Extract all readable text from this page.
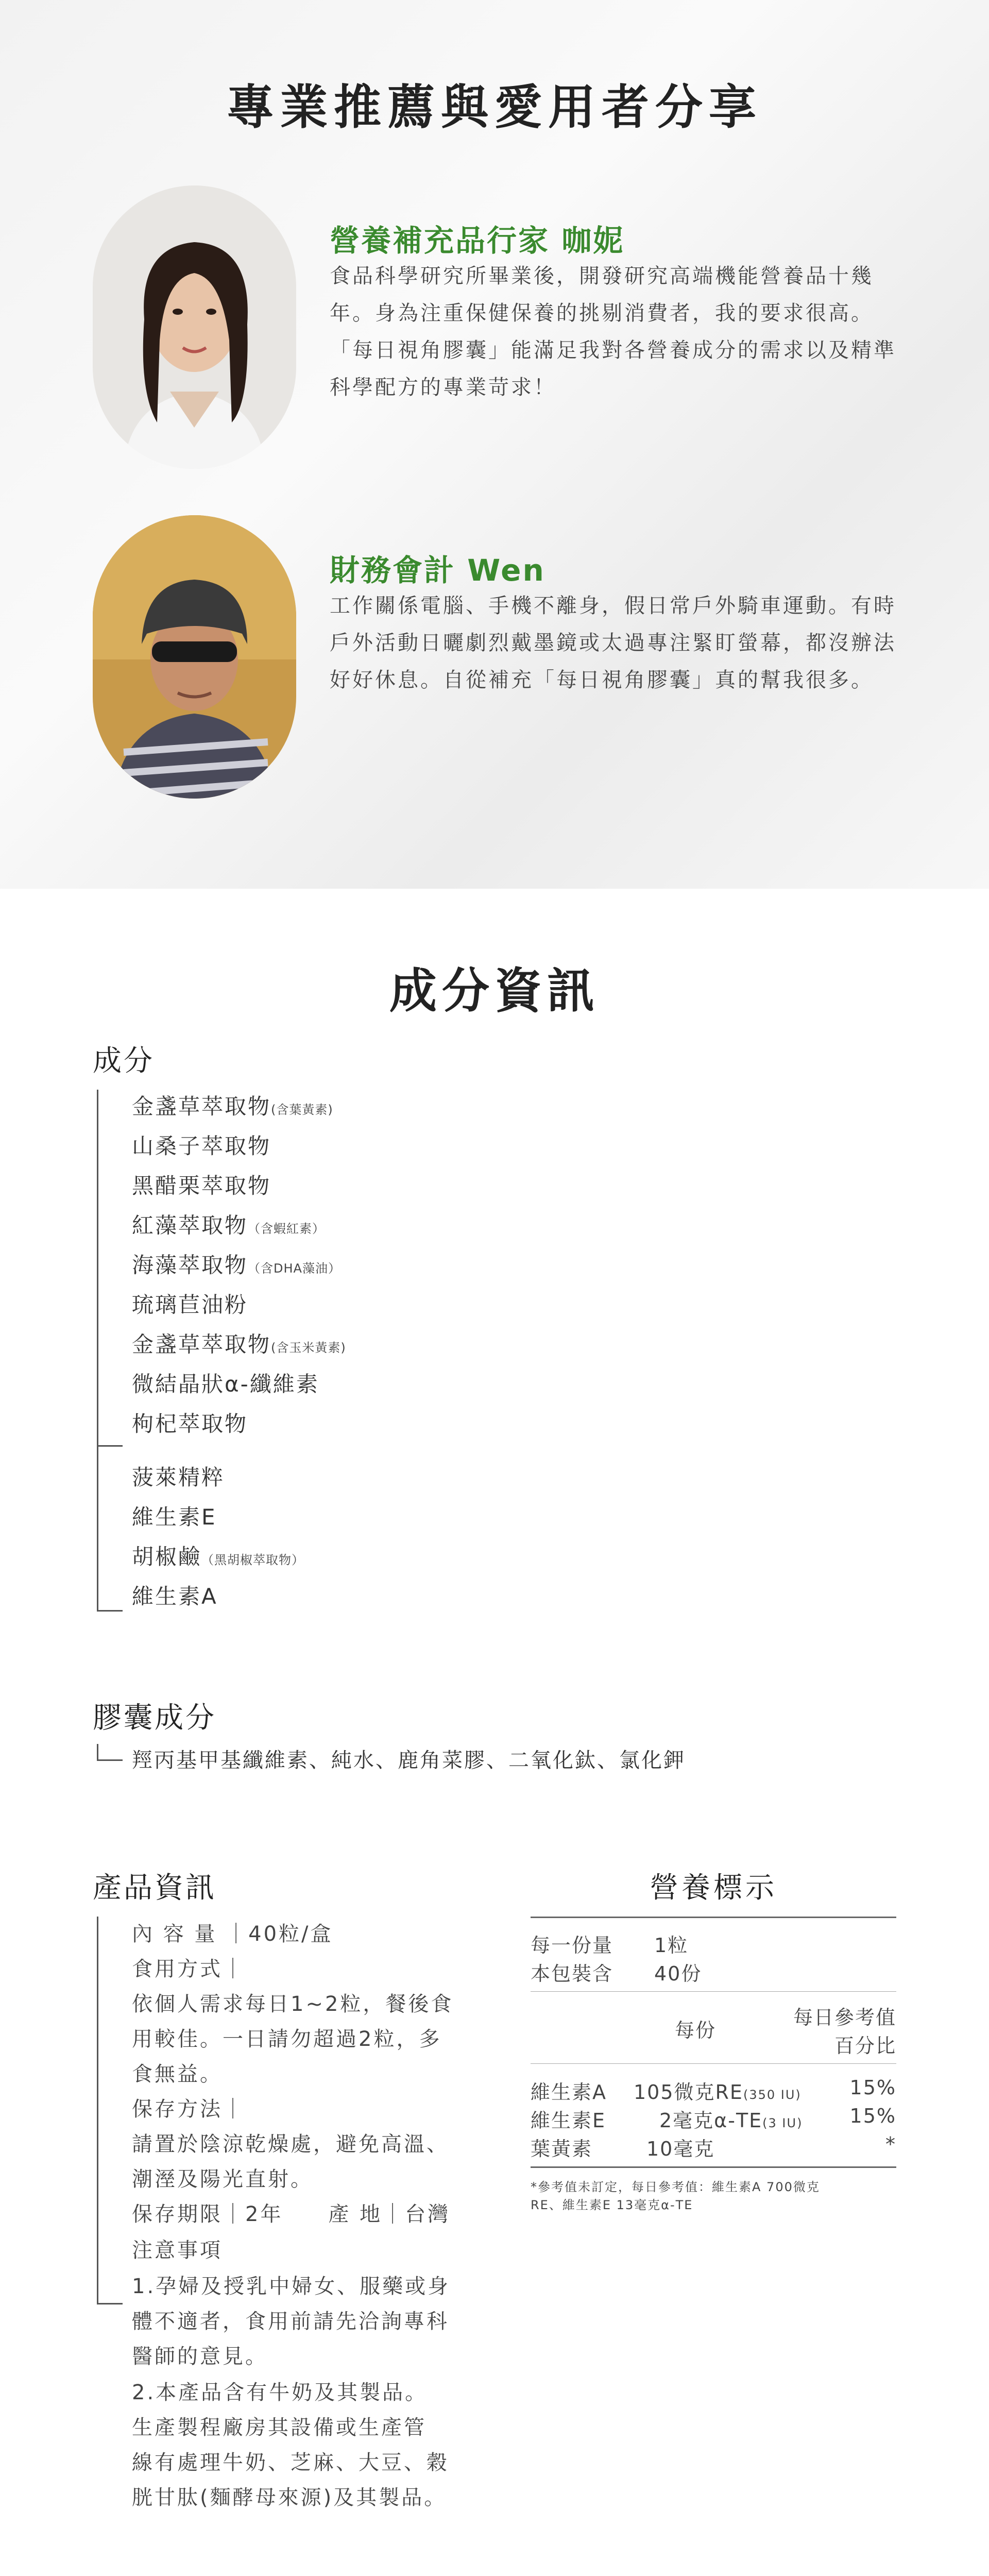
專業推薦與愛用者分享
營養補充品行家 咖妮
食品科學研究所畢業後，開發研究高端機能營養品十幾年。身為注重保健保養的挑剔消費者，我的要求很高。「每日視角膠囊」能滿足我對各營養成分的需求以及精準科學配方的專業苛求！
財務會計 Wen
工作關係電腦、手機不離身，假日常戶外騎車運動。有時戶外活動日曬劇烈戴墨鏡或太過專注緊盯螢幕，都沒辦法好好休息。自從補充「每日視角膠囊」真的幫我很多。
成分資訊
成分
金盞草萃取物(含葉黃素)
山桑子萃取物
黑醋栗萃取物
紅藻萃取物（含蝦紅素）
海藻萃取物（含DHA藻油）
琉璃苣油粉
金盞草萃取物(含玉米黃素)
微結晶狀α-纖維素
枸杞萃取物
菠萊精粹
維生素E
胡椒鹼（黑胡椒萃取物）
維生素A
膠囊成分
羥丙基甲基纖維素、純水、鹿角菜膠、二氧化鈦、氯化鉀
產品資訊
內 容 量 ｜40粒/盒
食用方式｜
依個人需求每日1~2粒，餐後食
用較佳。一日請勿超過2粒，多
食無益。
保存方法｜
請置於陰涼乾燥處，避免高溫、
潮溼及陽光直射。
保存期限｜2年　　產 地｜台灣
注意事項
1.孕婦及授乳中婦女、服藥或身
體不適者，食用前請先洽詢專科
醫師的意見。
2.本產品含有牛奶及其製品。
生產製程廠房其設備或生產管
線有處理牛奶、芝麻、大豆、穀
胱甘肽(麵酵母來源)及其製品。
營養標示
每一份量　　1粒
本包裝含　　40份
每份
每日參考值
百分比
維生素A 105微克RE(350 IU) 15%
維生素E	2毫克α-TE(3 IU) 15%
葉黃素	10毫克	*
*參考值未訂定，每日參考值：維生素A 700微克
RE、維生素E 13毫克α-TE
